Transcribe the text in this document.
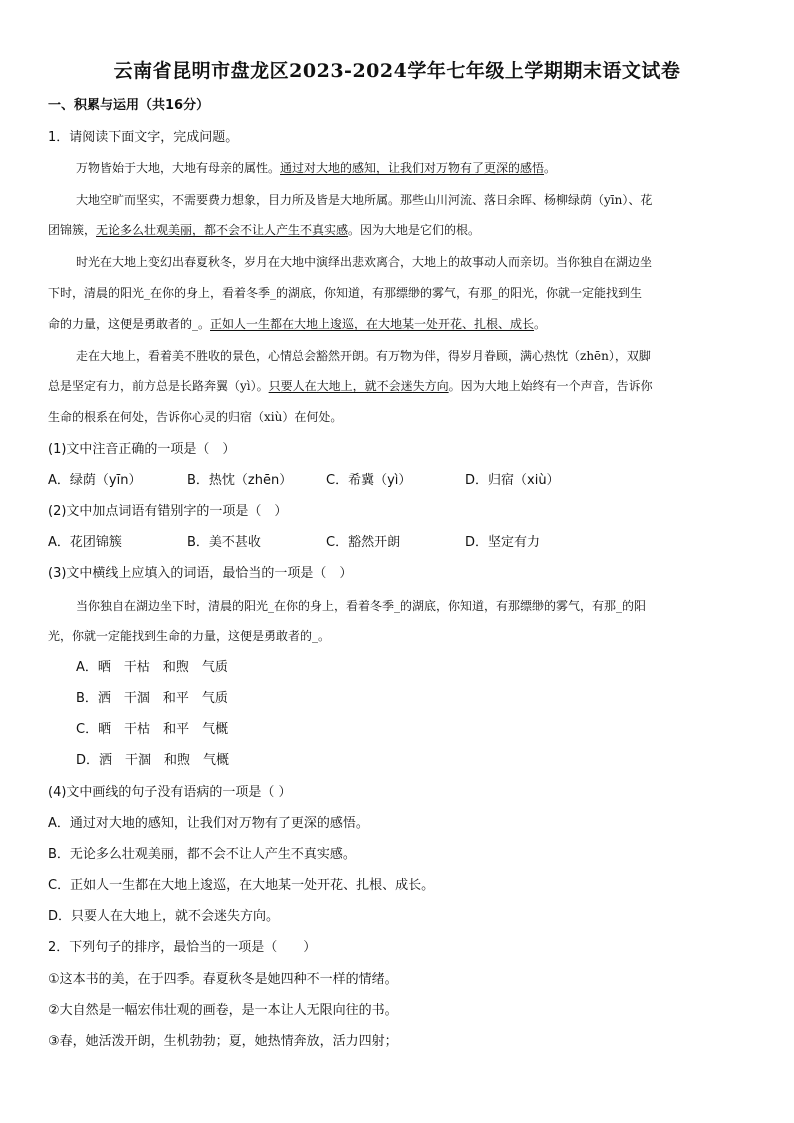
云南省昆明市盘龙区2023-2024学年七年级上学期期末语文试卷
一、积累与运用（共16分）
1．请阅读下面文字，完成问题。
万物皆始于大地，大地有母亲的属性。通过对大地的感知，让我们对万物有了更深的感悟。
大地空旷而坚实，不需要费力想象，目力所及皆是大地所属。那些山川河流、落日余晖、杨柳绿荫（yīn）、花
团锦簇，无论多么壮观美丽，都不会不让人产生不真实感。因为大地是它们的根。
时光在大地上变幻出春夏秋冬，岁月在大地中演绎出悲欢离合，大地上的故事动人而亲切。当你独自在湖边坐
下时，清晨的阳光_在你的身上，看着冬季_的湖底，你知道，有那缥缈的雾气，有那_的阳光，你就一定能找到生
命的力量，这便是勇敢者的_。正如人一生都在大地上逡巡，在大地某一处开花、扎根、成长。
走在大地上，看着美不胜收的景色，心情总会豁然开朗。有万物为伴，得岁月眷顾，满心热忱（zhēn），双脚
总是坚定有力，前方总是长路奔翼（yì）。只要人在大地上，就不会迷失方向。因为大地上始终有一个声音，告诉你
生命的根系在何处，告诉你心灵的归宿（xiù）在何处。
(1)文中注音正确的一项是（　）
A．绿荫（yīn）	B．热忱（zhēn）	C．希冀（yì）	D．归宿（xiù）
(2)文中加点词语有错别字的一项是（　）
A．花团锦簇	B．美不甚收	C．豁然开朗	D．坚定有力
(3)文中横线上应填入的词语，最恰当的一项是（　）
当你独自在湖边坐下时，清晨的阳光_在你的身上，看着冬季_的湖底，你知道，有那缥缈的雾气，有那_的阳
光，你就一定能找到生命的力量，这便是勇敢者的_。
A．晒　干枯　和煦　气质
B．洒　干涸　和平　气质
C．晒　干枯　和平　气概
D．洒　干涸　和煦　气概
(4)文中画线的句子没有语病的一项是（ ）
A．通过对大地的感知，让我们对万物有了更深的感悟。
B．无论多么壮观美丽，都不会不让人产生不真实感。
C．正如人一生都在大地上逡巡，在大地某一处开花、扎根、成长。
D．只要人在大地上，就不会迷失方向。
2．下列句子的排序，最恰当的一项是（　　）
①这本书的美，在于四季。春夏秋冬是她四种不一样的情绪。
②大自然是一幅宏伟壮观的画卷，是一本让人无限向往的书。
③春，她活泼开朗，生机勃勃；夏，她热情奔放，活力四射；
